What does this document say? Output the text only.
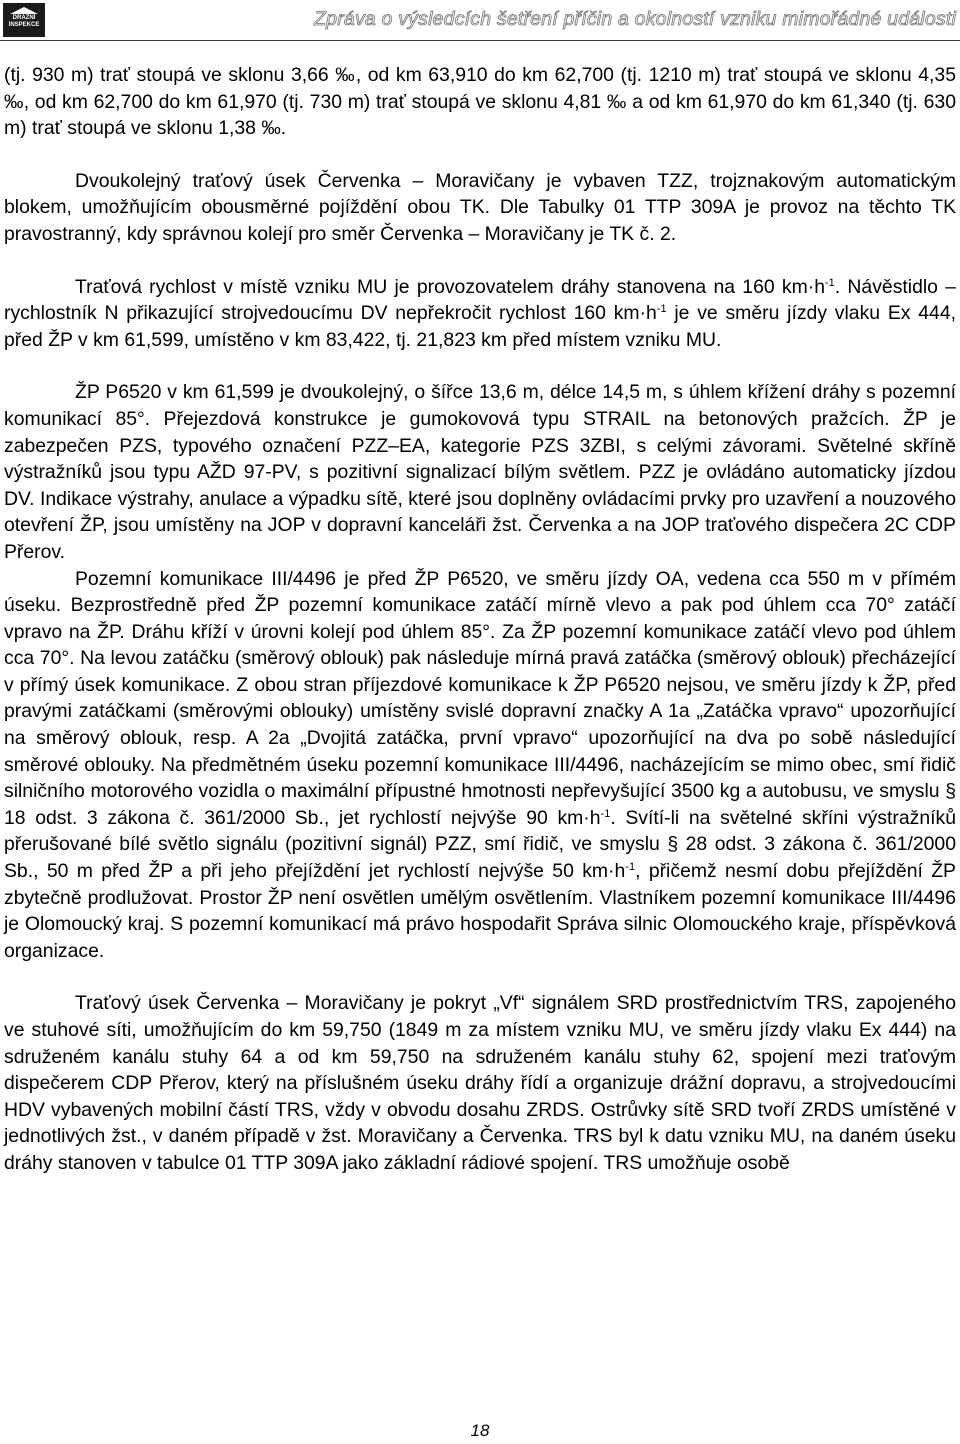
DRÁŽNÍ
INSPEKCE	Zpráva o výsledcích šetření příčin a okolností vzniku mimořádné události

(tj. 930 m) trať stoupá ve sklonu 3,66 ‰, od km 63,910 do km 62,700 (tj. 1210 m) trať stoupá ve sklonu 4,35 ‰, od km 62,700 do km 61,970 (tj. 730 m) trať stoupá ve sklonu 4,81 ‰ a od km 61,970 do km 61,340 (tj. 630 m) trať stoupá ve sklonu 1,38 ‰.

Dvoukolejný traťový úsek Červenka – Moravičany je vybaven TZZ, trojznakovým automatickým blokem, umožňujícím obousměrné pojíždění obou TK. Dle Tabulky 01 TTP 309A je provoz na těchto TK pravostranný, kdy správnou kolejí pro směr Červenka – Moravičany je TK č. 2.

Traťová rychlost v místě vzniku MU je provozovatelem dráhy stanovena na 160 $km\cdot h^{-1}$. Návěstidlo – rychlostník N přikazující strojvedoucímu DV nepřekročit rychlost 160 $km\cdot h^{-1}$ je ve směru jízdy vlaku Ex 444, před ŽP v km 61,599, umístěno v km 83,422, tj. 21,823 km před místem vzniku MU.

ŽP P6520 v km 61,599 je dvoukolejný, o šířce 13,6 m, délce 14,5 m, s úhlem křížení dráhy s pozemní komunikací 85°. Přejezdová konstrukce je gumokovová typu STRAIL na betonových pražcích. ŽP je zabezpečen PZS, typového označení PZZ–EA, kategorie PZS 3ZBI, s celými závorami. Světelné skříně výstražníků jsou typu AŽD 97-PV, s pozitivní signalizací bílým světlem. PZZ je ovládáno automaticky jízdou DV. Indikace výstrahy, anulace a výpadku sítě, které jsou doplněny ovládacími prvky pro uzavření a nouzového otevření ŽP, jsou umístěny na JOP v dopravní kanceláři žst. Červenka a na JOP traťového dispečera 2C CDP Přerov.

Pozemní komunikace III/4496 je před ŽP P6520, ve směru jízdy OA, vedena cca 550 m v přímém úseku. Bezprostředně před ŽP pozemní komunikace zatáčí mírně vlevo a pak pod úhlem cca 70° zatáčí vpravo na ŽP. Dráhu kříží v úrovni kolejí pod úhlem 85°. Za ŽP pozemní komunikace zatáčí vlevo pod úhlem cca 70°. Na levou zatáčku (směrový oblouk) pak následuje mírná pravá zatáčka (směrový oblouk) přecházející v přímý úsek komunikace. Z obou stran příjezdové komunikace k ŽP P6520 nejsou, ve směru jízdy k ŽP, před pravými zatáčkami (směrovými oblouky) umístěny svislé dopravní značky A 1a „Zatáčka vpravo“ upozorňující na směrový oblouk, resp. A 2a „Dvojitá zatáčka, první vpravo“ upozorňující na dva po sobě následující směrové oblouky. Na předmětném úseku pozemní komunikace III/4496, nacházejícím se mimo obec, smí řidič silničního motorového vozidla o maximální přípustné hmotnosti nepřevyšující 3500 kg a autobusu, ve smyslu § 18 odst. 3 zákona č. 361/2000 Sb., jet rychlostí nejvýše 90 $km\cdot h^{-1}$. Svítí-li na světelné skříni výstražníků přerušované bílé světlo signálu (pozitivní signál) PZZ, smí řidič, ve smyslu § 28 odst. 3 zákona č. 361/2000 Sb., 50 m před ŽP a při jeho přejíždění jet rychlostí nejvýše 50 $km\cdot h^{-1}$, přičemž nesmí dobu přejíždění ŽP zbytečně prodlužovat. Prostor ŽP není osvětlen umělým osvětlením. Vlastníkem pozemní komunikace III/4496 je Olomoucký kraj. S pozemní komunikací má právo hospodařit Správa silnic Olomouckého kraje, příspěvková organizace.

Traťový úsek Červenka – Moravičany je pokryt „Vf“ signálem SRD prostřednictvím TRS, zapojeného ve stuhové síti, umožňujícím do km 59,750 (1849 m za místem vzniku MU, ve směru jízdy vlaku Ex 444) na sdruženém kanálu stuhy 64 a od km 59,750 na sdruženém kanálu stuhy 62, spojení mezi traťovým dispečerem CDP Přerov, který na příslušném úseku dráhy řídí a organizuje drážní dopravu, a strojvedoucími HDV vybavených mobilní částí TRS, vždy v obvodu dosahu ZRDS. Ostrůvky sítě SRD tvoří ZRDS umístěné v jednotlivých žst., v daném případě v žst. Moravičany a Červenka. TRS byl k datu vzniku MU, na daném úseku dráhy stanoven v tabulce 01 TTP 309A jako základní rádiové spojení. TRS umožňuje osobě

18
